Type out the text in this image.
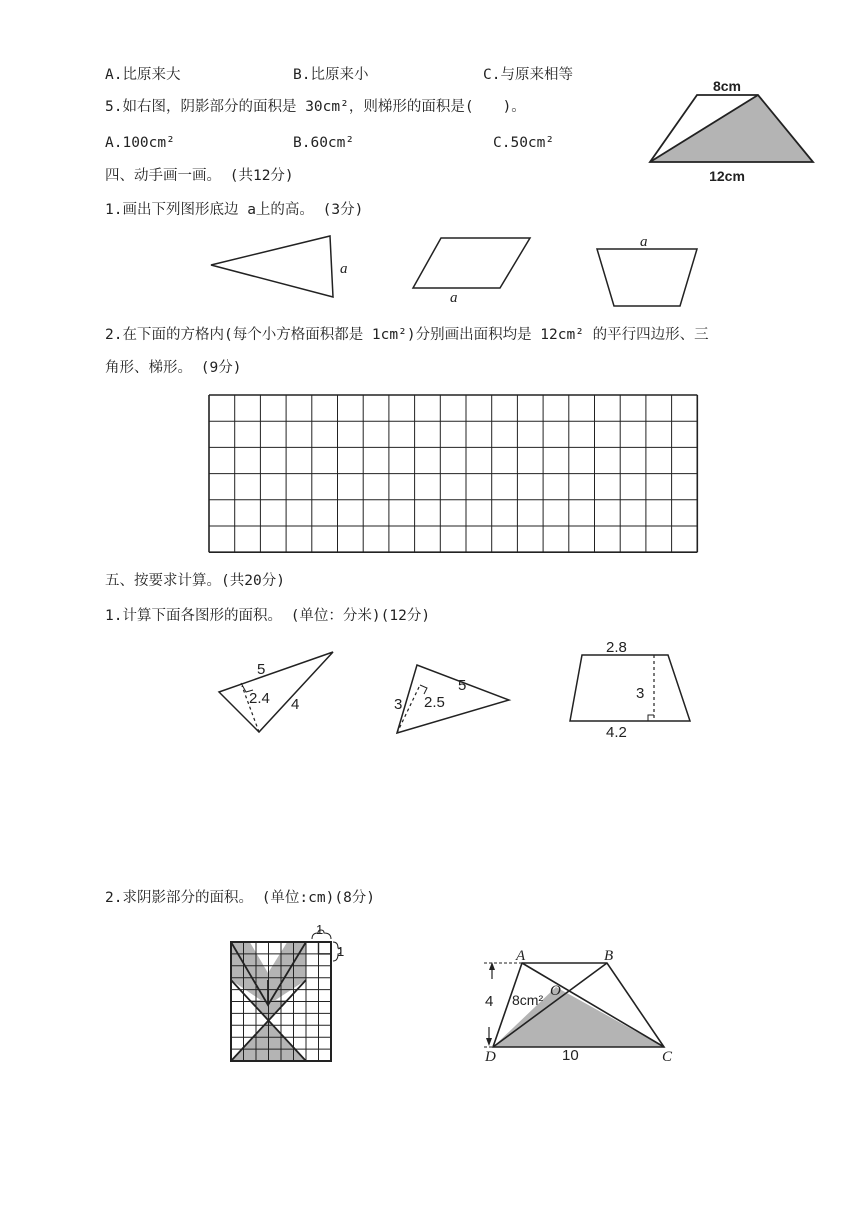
A.比原来大	B.比原来小	C.与原来相等
5.如右图，阴影部分的面积是 30cm²，则梯形的面积是(　　)。
A.100cm²	B.60cm²	C.50cm²
四、动手画一画。 (共12分)
1.画出下列图形底边 a上的高。 (3分)
2.在下面的方格内(每个小方格面积都是 1cm²)分别画出面积均是 12cm² 的平行四边形、三
角形、梯形。 (9分)
五、按要求计算。(共20分)
1.计算下面各图形的面积。 (单位：分米)(12分)
2.求阴影部分的面积。 (单位:cm)(8分)
8cm
12cm
a
a
a
5
2.4 4	3 2.5
5
2.8
3
4.2
1
1	A	B
O
D	C
4 8cm²
10
